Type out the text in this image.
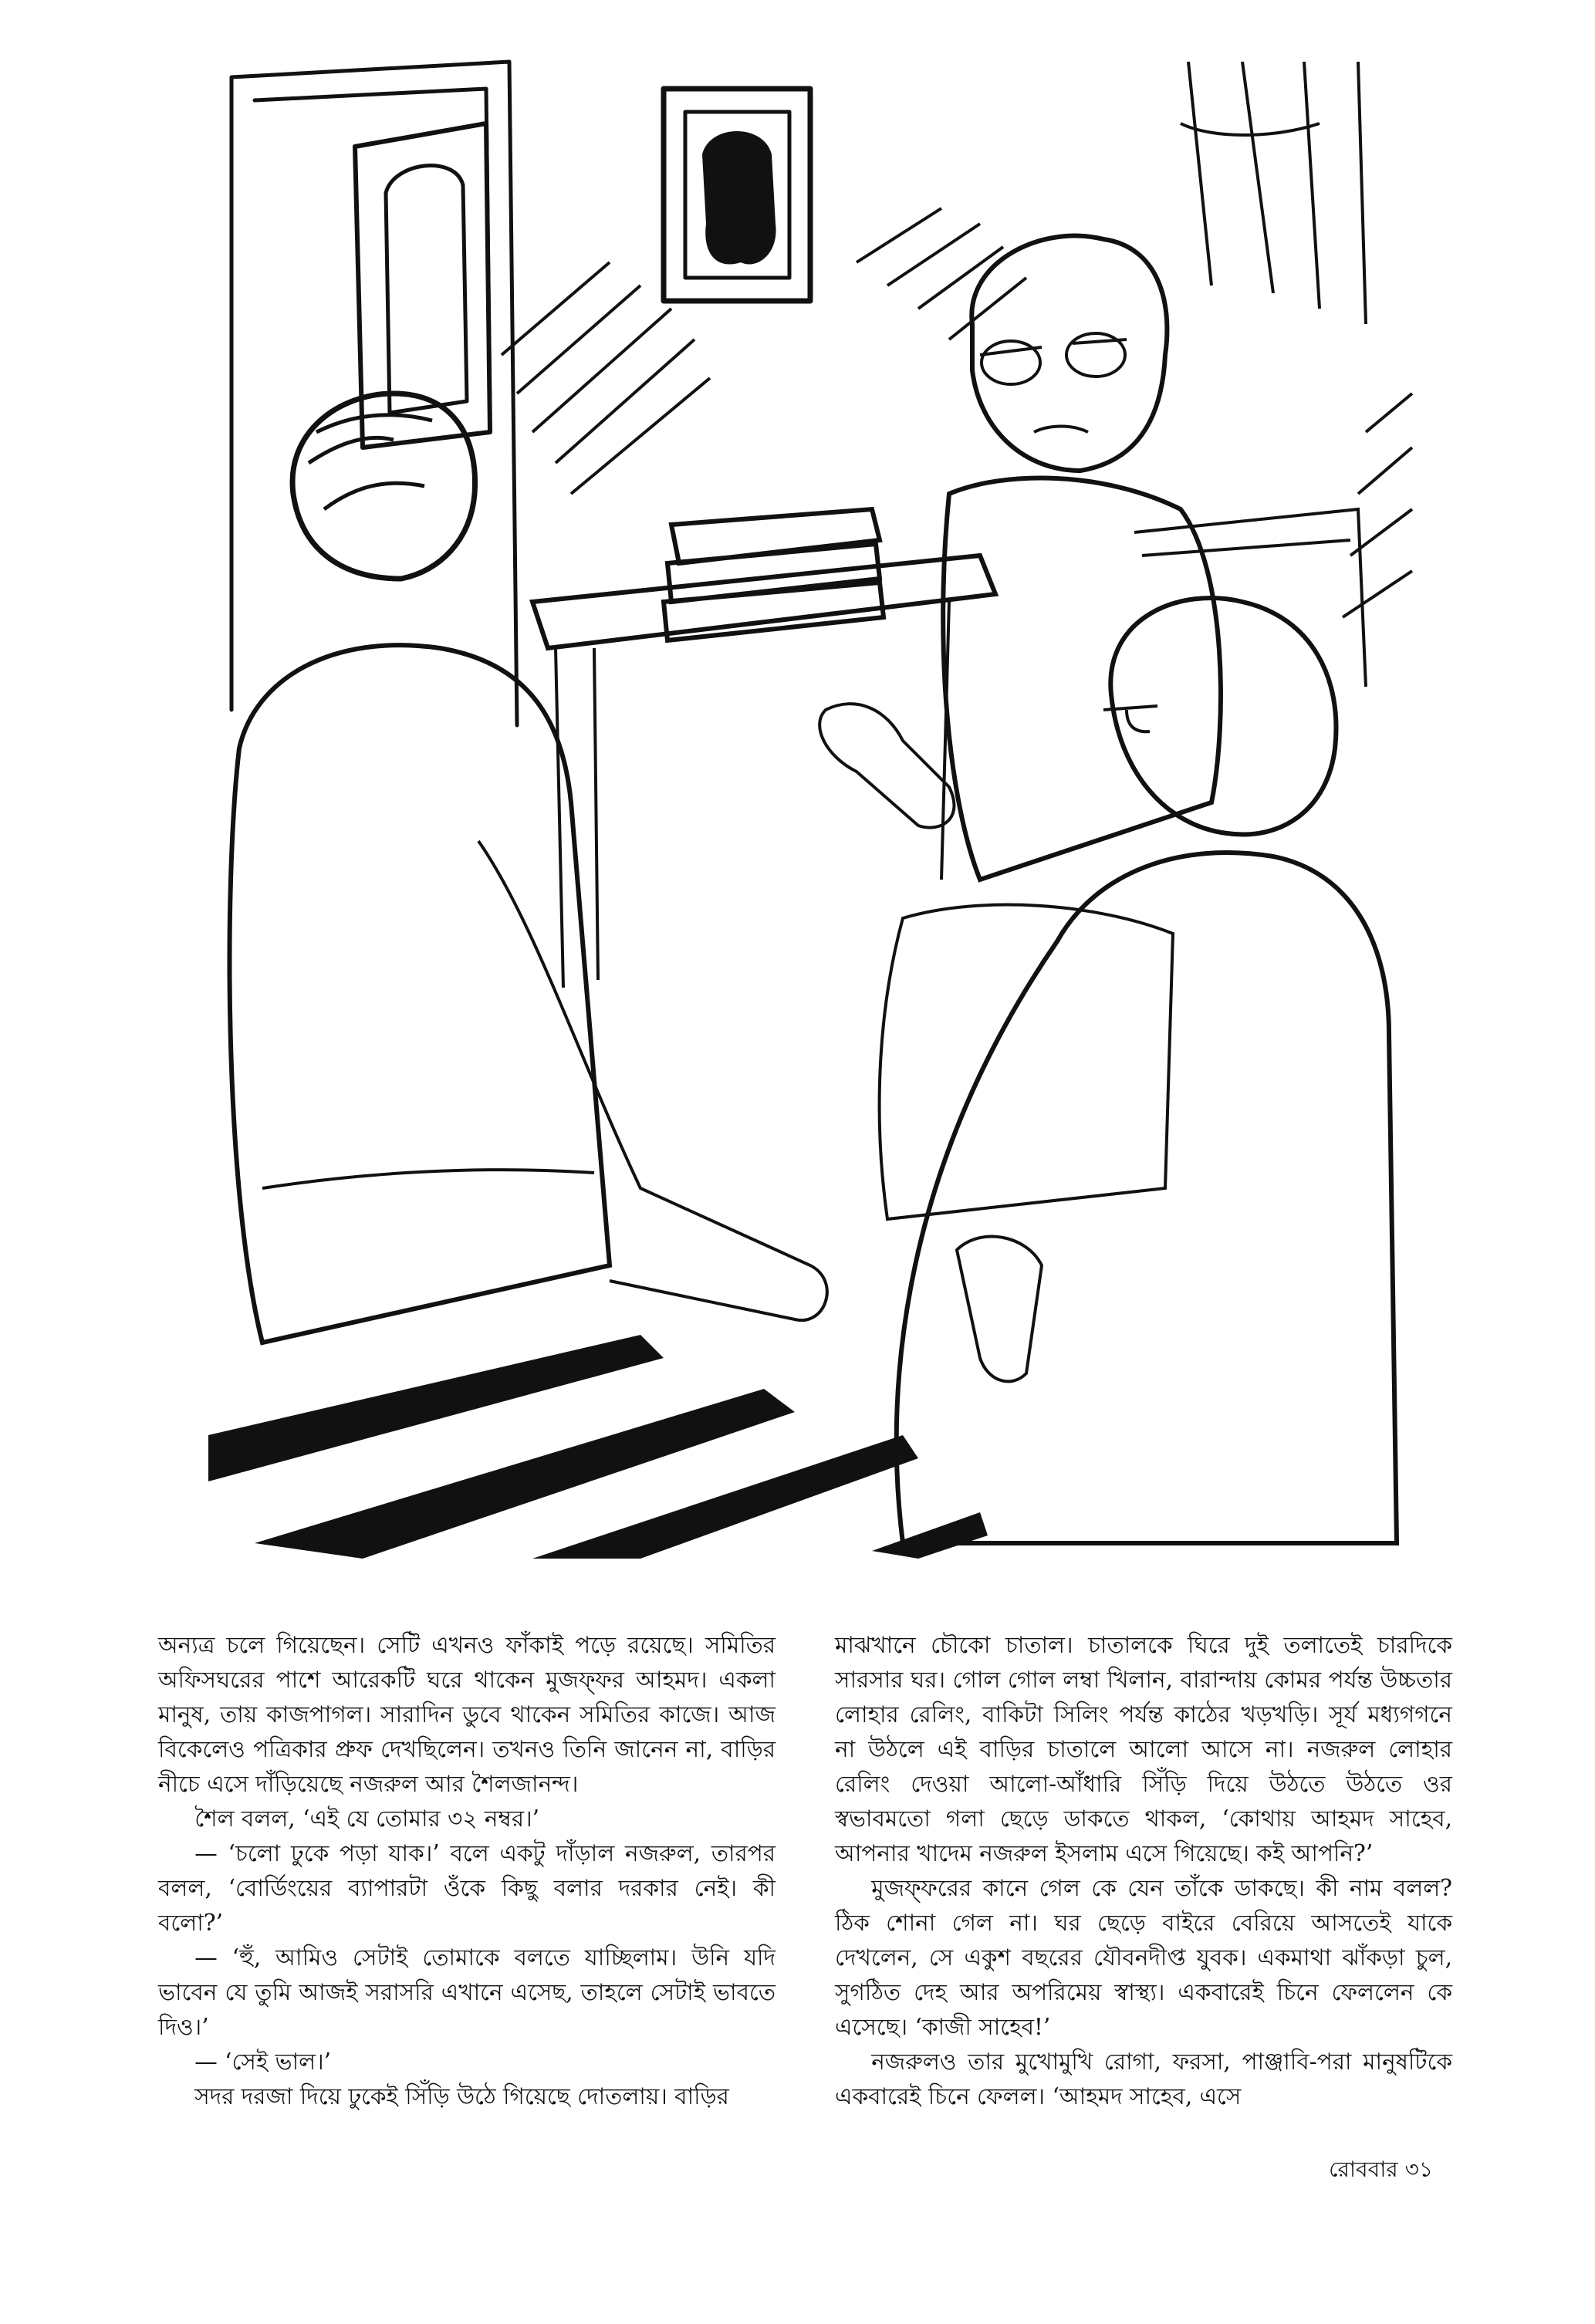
অন্যত্র চলে গিয়েছেন। সেটি এখনও ফাঁকাই পড়ে রয়েছে। সমিতির অফিসঘরের পাশে আরেকটি ঘরে থাকেন মুজফ্‌ফর আহমদ। একলা মানুষ, তায় কাজপাগল। সারাদিন ডুবে থাকেন সমিতির কাজে। আজ বিকেলেও পত্রিকার প্রুফ দেখছিলেন। তখনও তিনি জানেন না, বাড়ির নীচে এসে দাঁড়িয়েছে নজরুল আর শৈলজানন্দ।

শৈল বলল, ‘এই যে তোমার ৩২ নম্বর।’

— ‘চলো ঢুকে পড়া যাক।’ বলে একটু দাঁড়াল নজরুল, তারপর বলল, ‘বোর্ডিংয়ের ব্যাপারটা ওঁকে কিছু বলার দরকার নেই। কী বলো?’

— ‘হুঁ, আমিও সেটাই তোমাকে বলতে যাচ্ছিলাম। উনি যদি ভাবেন যে তুমি আজই সরাসরি এখানে এসেছ, তাহলে সেটাই ভাবতে দিও।’

— ‘সেই ভাল।’

সদর দরজা দিয়ে ঢুকেই সিঁড়ি উঠে গিয়েছে দোতলায়। বাড়ির

মাঝখানে চৌকো চাতাল। চাতালকে ঘিরে দুই তলাতেই চারদিকে সারসার ঘর। গোল গোল লম্বা খিলান, বারান্দায় কোমর পর্যন্ত উচ্চতার লোহার রেলিং, বাকিটা সিলিং পর্যন্ত কাঠের খড়খড়ি। সূর্য মধ্যগগনে না উঠলে এই বাড়ির চাতালে আলো আসে না। নজরুল লোহার রেলিং দেওয়া আলো-আঁধারি সিঁড়ি দিয়ে উঠতে উঠতে ওর স্বভাবমতো গলা ছেড়ে ডাকতে থাকল, ‘কোথায় আহমদ সাহেব, আপনার খাদেম নজরুল ইসলাম এসে গিয়েছে। কই আপনি?’

মুজফ্‌ফরের কানে গেল কে যেন তাঁকে ডাকছে। কী নাম বলল? ঠিক শোনা গেল না। ঘর ছেড়ে বাইরে বেরিয়ে আসতেই যাকে দেখলেন, সে একুশ বছরের যৌবনদীপ্ত যুবক। একমাথা ঝাঁকড়া চুল, সুগঠিত দেহ আর অপরিমেয় স্বাস্থ্য। একবারেই চিনে ফেললেন কে এসেছে। ‘কাজী সাহেব!’

নজরুলও তার মুখোমুখি রোগা, ফরসা, পাঞ্জাবি-পরা মানুষটিকে একবারেই চিনে ফেলল। ‘আহমদ সাহেব, এসে

রোববার ৩১
